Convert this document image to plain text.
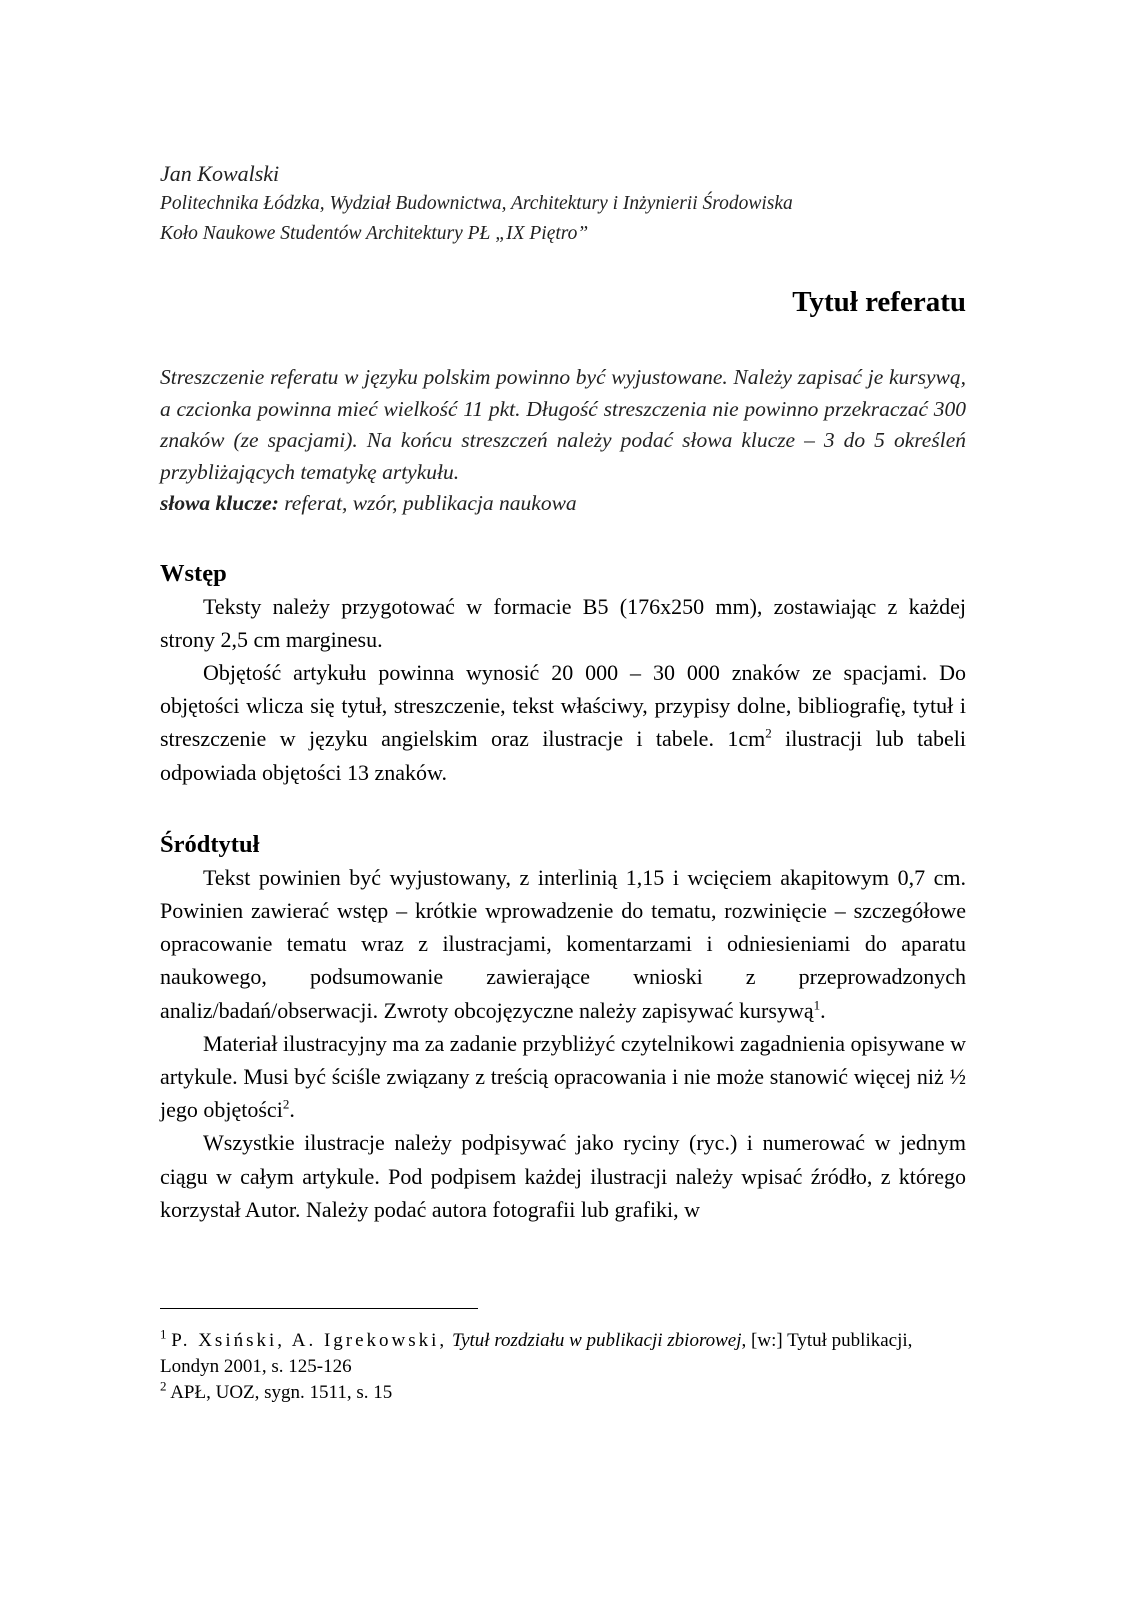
Jan Kowalski

Politechnika Łódzka, Wydział Budownictwa, Architektury i Inżynierii Środowiska

Koło Naukowe Studentów Architektury PŁ „IX Piętro”

Tytuł referatu

Streszczenie referatu w języku polskim powinno być wyjustowane. Należy zapisać je kursywą, a czcionka powinna mieć wielkość 11 pkt. Długość streszczenia nie powinno przekraczać 300 znaków (ze spacjami). Na końcu streszczeń należy podać słowa klucze – 3 do 5 określeń przybliżających tematykę artykułu.

słowa klucze: referat, wzór, publikacja naukowa

Wstęp

Teksty należy przygotować w formacie B5 (176x250 mm), zostawiając z każdej strony 2,5 cm marginesu.

Objętość artykułu powinna wynosić 20 000 – 30 000 znaków ze spacjami. Do objętości wlicza się tytuł, streszczenie, tekst właściwy, przypisy dolne, bibliografię, tytuł i streszczenie w języku angielskim oraz ilustracje i tabele. $1cm^2$ ilustracji lub tabeli odpowiada objętości 13 znaków.

Śródtytuł

Tekst powinien być wyjustowany, z interlinią 1,15 i wcięciem akapitowym 0,7 cm. Powinien zawierać wstęp – krótkie wprowadzenie do tematu, rozwinięcie – szczegółowe opracowanie tematu wraz z ilustracjami, komentarzami i odniesieniami do aparatu naukowego, podsumowanie zawierające wnioski z przeprowadzonych analiz/badań/obserwacji. Zwroty obcojęzyczne należy zapisywać kursywą$^1$.

Materiał ilustracyjny ma za zadanie przybliżyć czytelnikowi zagadnienia opisywane w artykule. Musi być ściśle związany z treścią opracowania i nie może stanowić więcej niż ½ jego objętości$^2$.

Wszystkie ilustracje należy podpisywać jako ryciny (ryc.) i numerować w jednym ciągu w całym artykule. Pod podpisem każdej ilustracji należy wpisać źródło, z którego korzystał Autor. Należy podać autora fotografii lub grafiki, w

$^1$ P. Xsiński, A. Igrekowski, Tytuł rozdziału w publikacji zbiorowej, [w:] Tytuł publikacji, Londyn 2001, s. 125-126

$^2$ APŁ, UOZ, sygn. 1511, s. 15
